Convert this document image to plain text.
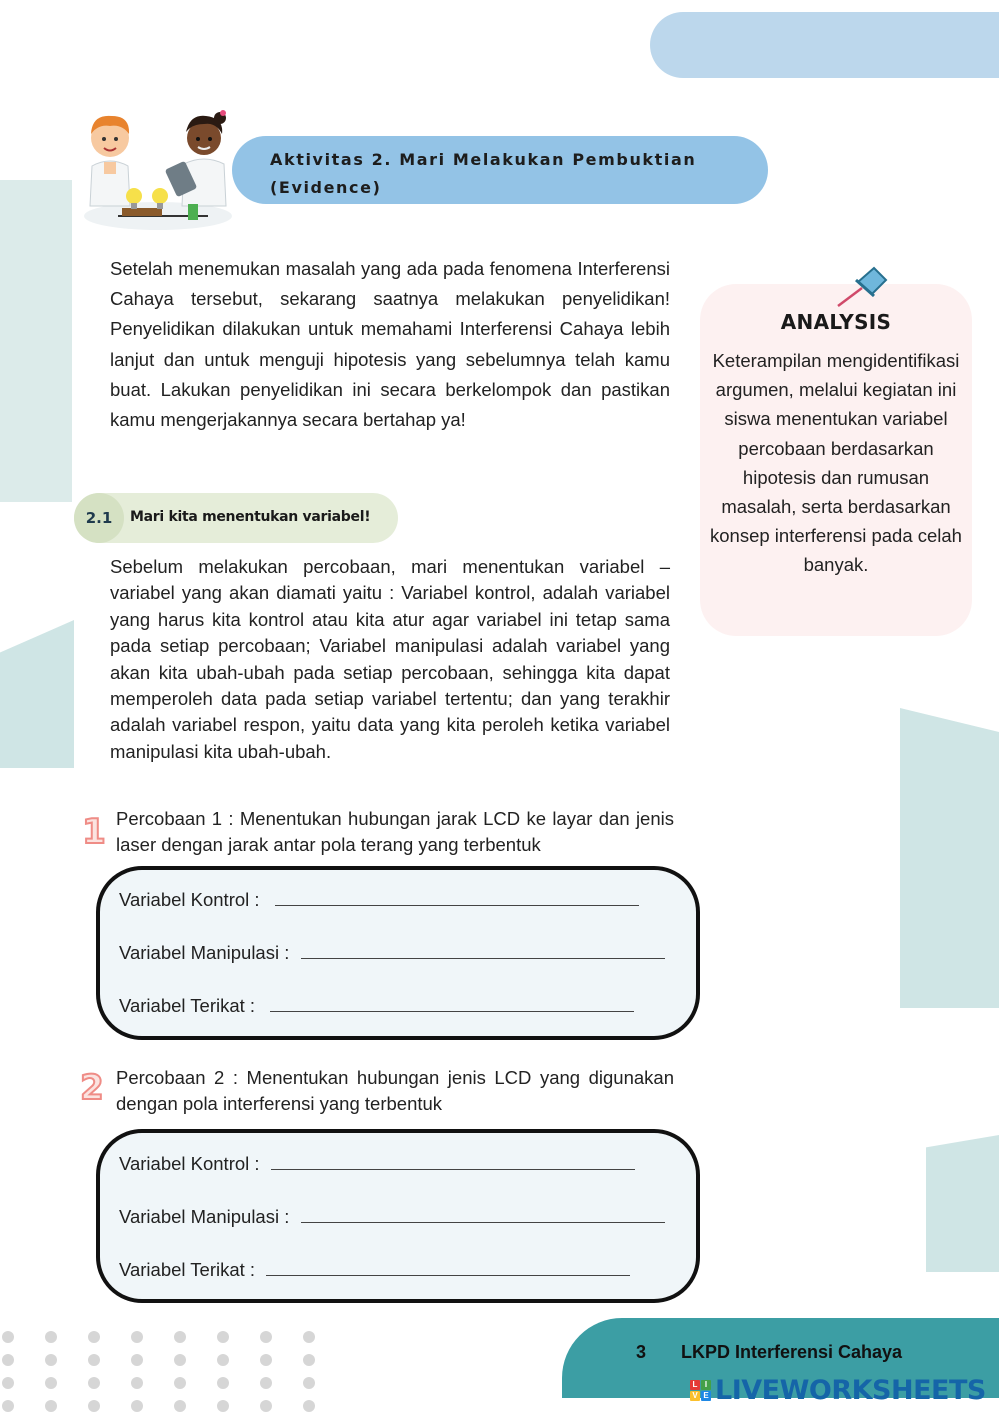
Aktivitas 2. Mari Melakukan Pembuktian
(Evidence)
Setelah menemukan masalah yang ada pada fenomena Interferensi Cahaya tersebut, sekarang saatnya melakukan penyelidikan! Penyelidikan dilakukan untuk memahami Interferensi Cahaya lebih lanjut dan untuk menguji hipotesis yang sebelumnya telah kamu buat. Lakukan penyelidikan ini secara berkelompok dan pastikan kamu mengerjakannya secara bertahap ya!
ANALYSIS
Keterampilan mengidentifikasi argumen, melalui kegiatan ini siswa menentukan variabel percobaan berdasarkan hipotesis dan rumusan masalah, serta berdasarkan konsep interferensi pada celah banyak.
2.1	Mari kita menentukan variabel!
Sebelum melakukan percobaan, mari menentukan variabel – variabel yang akan diamati yaitu : Variabel kontrol, adalah variabel yang harus kita kontrol atau kita atur agar variabel ini tetap sama pada setiap percobaan; Variabel manipulasi adalah variabel yang akan kita ubah-ubah pada setiap percobaan, sehingga kita dapat memperoleh data pada setiap variabel tertentu; dan yang terakhir adalah variabel respon, yaitu data yang kita peroleh ketika variabel manipulasi kita ubah-ubah.
1 Percobaan 1 : Menentukan hubungan jarak LCD ke layar dan jenis laser dengan jarak antar pola terang yang terbentuk
Variabel Kontrol :
Variabel Manipulasi :
Variabel Terikat :
2 Percobaan 2 : Menentukan hubungan jenis LCD yang digunakan dengan pola interferensi yang terbentuk
Variabel Kontrol :
Variabel Manipulasi :
Variabel Terikat :
3 LKPD Interferensi Cahaya
L I
V E LIVEWORKSHEETS
